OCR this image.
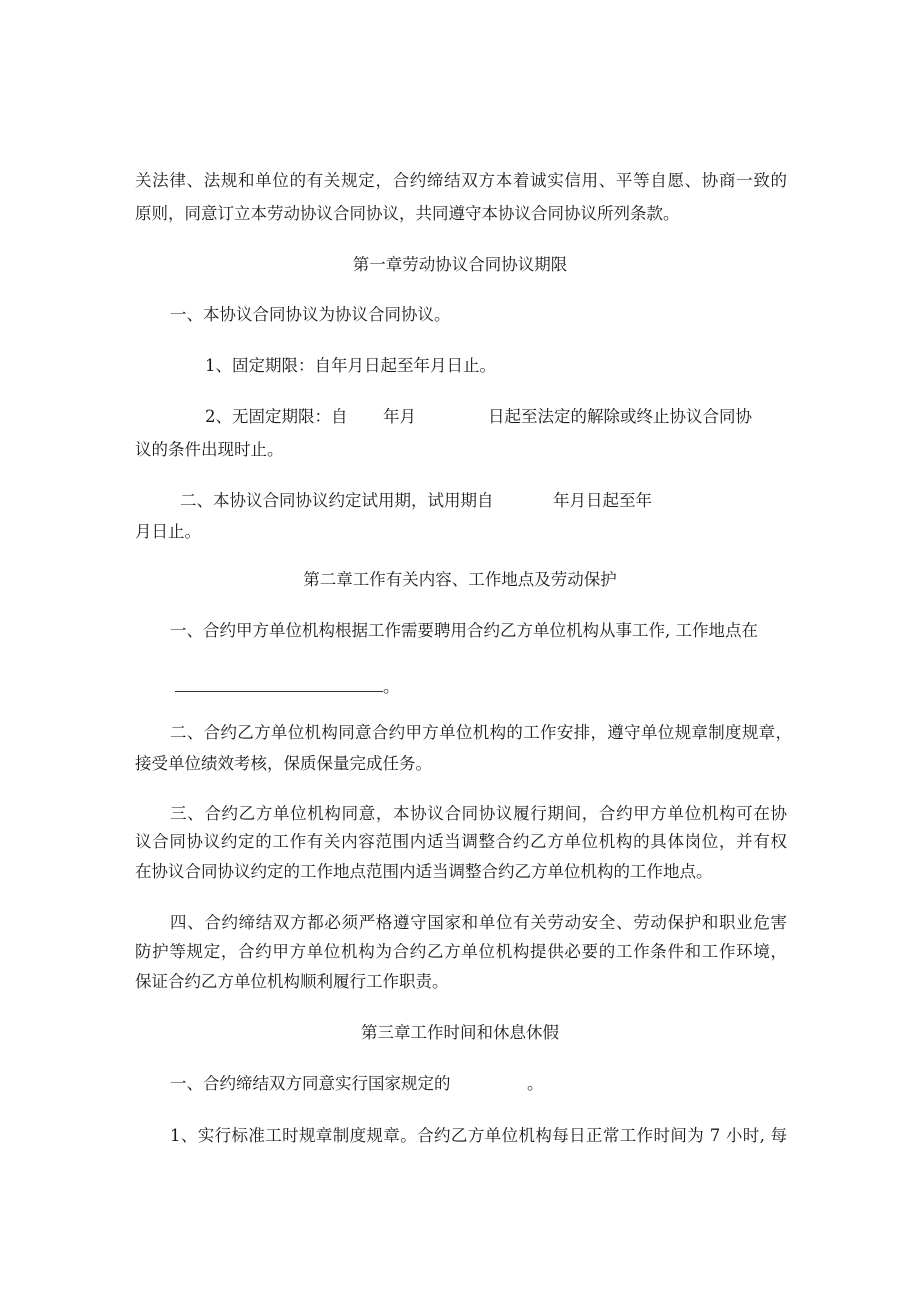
关法律、法规和单位的有关规定，合约缔结双方本着诚实信用、平等自愿、协商一致的

原则，同意订立本劳动协议合同协议，共同遵守本协议合同协议所列条款。

第一章劳动协议合同协议期限

一、本协议合同协议为协议合同协议。

1、固定期限：自年月日起至年月日止。

2、无固定期限：自 年月	日起至法定的解除或终止协议合同协

议的条件出现时止。

二、本协议合同协议约定试用期，试用期自	年月日起至年

月日止。

第二章工作有关内容、工作地点及劳动保护

一、合约甲方单位机构根据工作需要聘用合约乙方单位机构从事工作, 工作地点在

。

二、合约乙方单位机构同意合约甲方单位机构的工作安排，遵守单位规章制度规章，

接受单位绩效考核，保质保量完成任务。

三、合约乙方单位机构同意，本协议合同协议履行期间，合约甲方单位机构可在协

议合同协议约定的工作有关内容范围内适当调整合约乙方单位机构的具体岗位，并有权

在协议合同协议约定的工作地点范围内适当调整合约乙方单位机构的工作地点。

四、合约缔结双方都必须严格遵守国家和单位有关劳动安全、劳动保护和职业危害

防护等规定，合约甲方单位机构为合约乙方单位机构提供必要的工作条件和工作环境，

保证合约乙方单位机构顺利履行工作职责。

第三章工作时间和休息休假

一、合约缔结双方同意实行国家规定的	。

1、实行标准工时规章制度规章。合约乙方单位机构每日正常工作时间为 7 小时, 每
